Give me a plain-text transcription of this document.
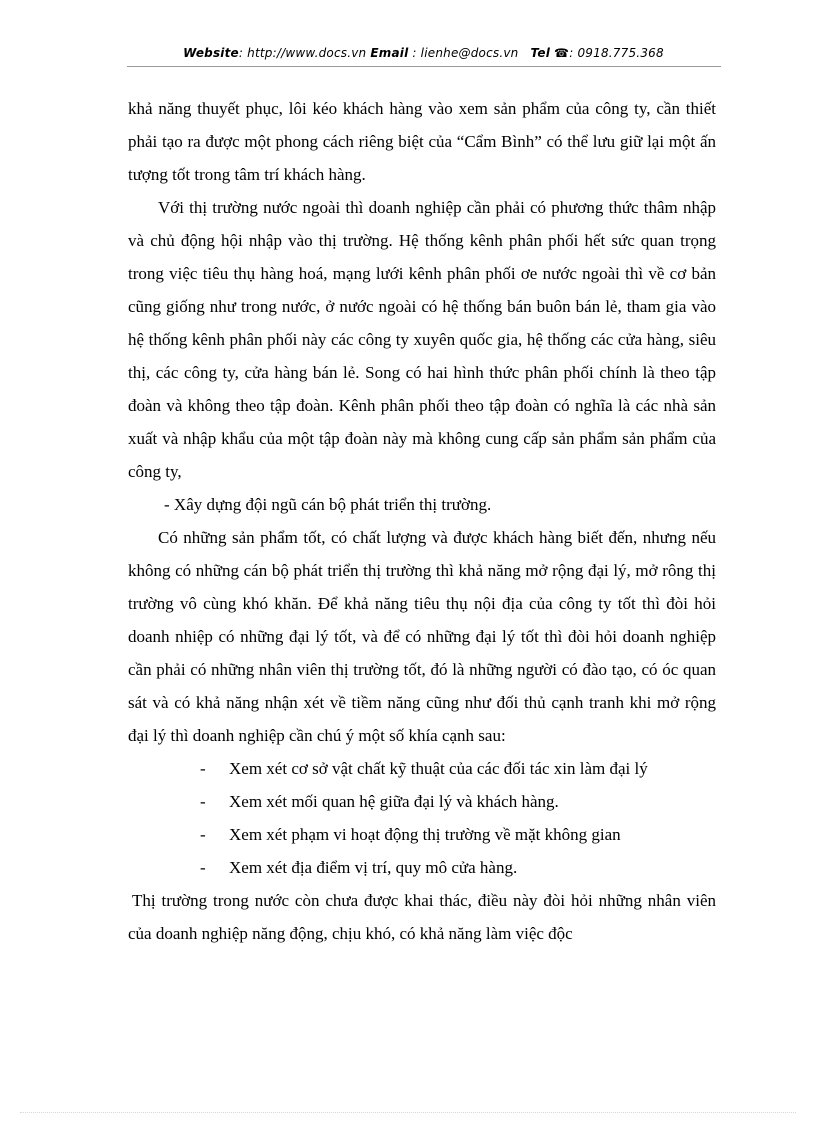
Website: http://www.docs.vn Email : lienhe@docs.vn Tel ☎: 0918.775.368

khả năng thuyết phục, lôi kéo khách hàng vào xem sản phẩm của công ty, cần thiết phải tạo ra được một phong cách riêng biệt của “Cẩm Bình” có thể lưu giữ lại một ấn tượng tốt trong tâm trí khách hàng.

Với thị trường nước ngoài thì doanh nghiệp cần phải có phương thức thâm nhập và chủ động hội nhập vào thị trường. Hệ thống kênh phân phối hết sức quan trọng trong việc tiêu thụ hàng hoá, mạng lưới kênh phân phối ơe nước ngoài thì về cơ bản cũng giống như trong nước, ở nước ngoài có hệ thống bán buôn bán lẻ, tham gia vào hệ thống kênh phân phối này các công ty xuyên quốc gia, hệ thống các cửa hàng, siêu thị, các công ty, cửa hàng bán lẻ. Song có hai hình thức phân phối chính là theo tập đoàn và không theo tập đoàn. Kênh phân phối theo tập đoàn có nghĩa là các nhà sản xuất và nhập khẩu của một tập đoàn này mà không cung cấp sản phẩm sản phẩm của công ty,

- Xây dựng đội ngũ cán bộ phát triển thị trường.

Có những sản phẩm tốt, có chất lượng và được khách hàng biết đến, nhưng nếu không có những cán bộ phát triển thị trường thì khả năng mở rộng đại lý, mở rông thị trường vô cùng khó khăn. Để khả năng tiêu thụ nội địa của công ty tốt thì đòi hỏi doanh nhiệp có những đại lý tốt, và để có những đại lý tốt thì đòi hỏi doanh nghiệp cần phải có những nhân viên thị trường tốt, đó là những người có đào tạo, có óc quan sát và có khả năng nhận xét về tiềm năng cũng như đối thủ cạnh tranh khi mở rộng đại lý thì doanh nghiệp cần chú ý một số khía cạnh sau:

- Xem xét cơ sở vật chất kỹ thuật của các đối tác xin làm đại lý
- Xem xét mối quan hệ giữa đại lý và khách hàng.
- Xem xét phạm vi hoạt động thị trường về mặt không gian
- Xem xét địa điểm vị trí, quy mô cửa hàng.

Thị trường trong nước còn chưa được khai thác, điều này đòi hỏi những nhân viên của doanh nghiệp năng động, chịu khó, có khả năng làm việc độc
